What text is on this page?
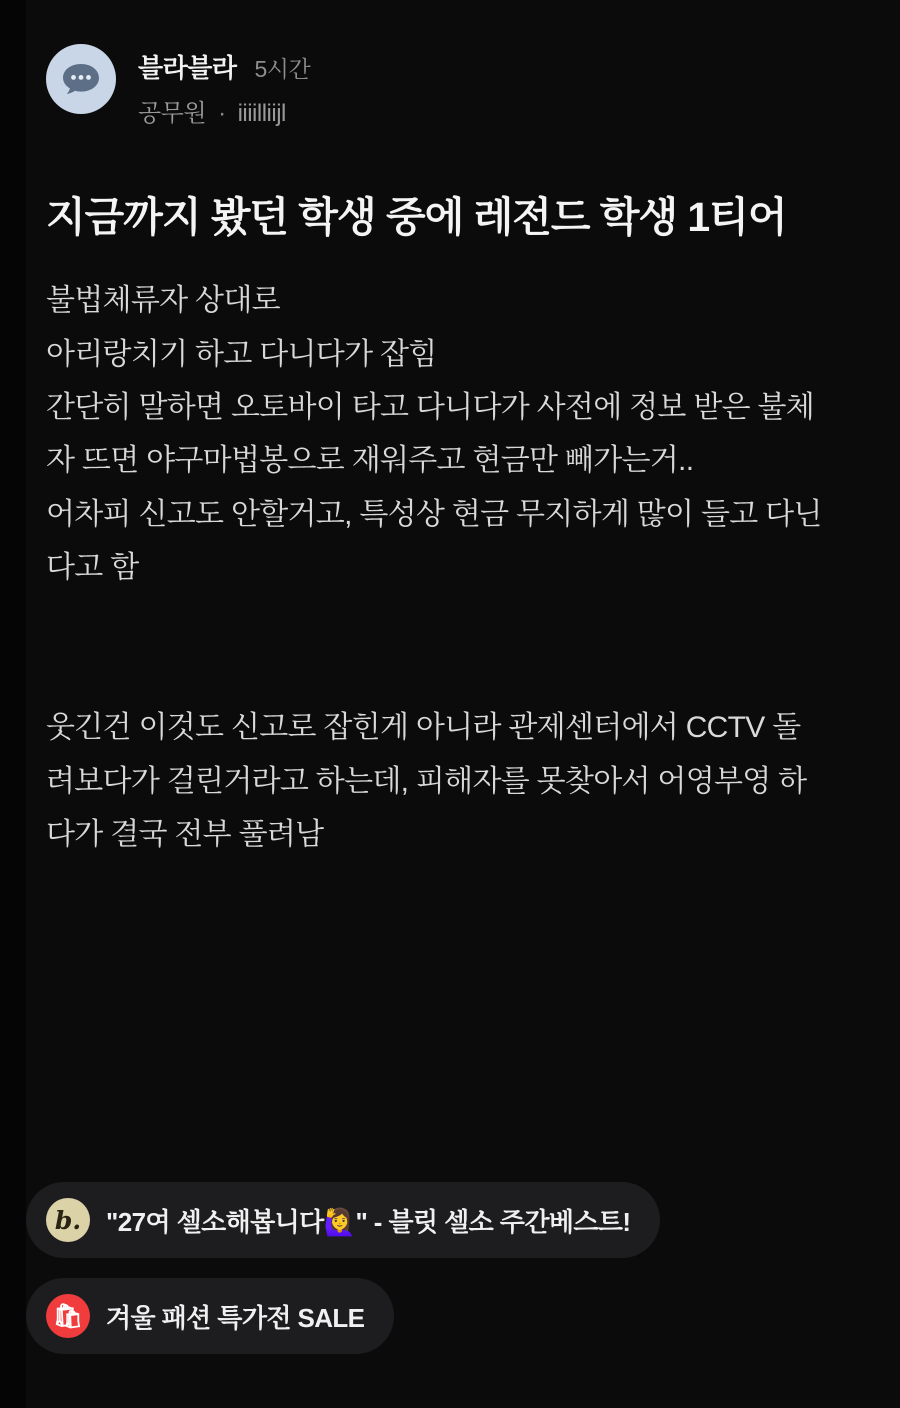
블라블라 5시간
공무원 · iiiilliijl
지금까지 봤던 학생 중에 레전드 학생 1티어
불법체류자 상대로
아리랑치기 하고 다니다가 잡힘
간단히 말하면 오토바이 타고 다니다가 사전에 정보 받은 불체자 뜨면 야구마법봉으로 재워주고 현금만 빼가는거..
어차피 신고도 안할거고, 특성상 현금 무지하게 많이 들고 다닌다고 함

웃긴건 이것도 신고로 잡힌게 아니라 관제센터에서 CCTV 돌려보다가 걸린거라고 하는데, 피해자를 못찾아서 어영부영 하다가 결국 전부 풀려남
b. "27여 셀소해봅니다🙋‍♀️" - 블릿 셀소 주간베스트!
🛍 겨울 패션 특가전 SALE
